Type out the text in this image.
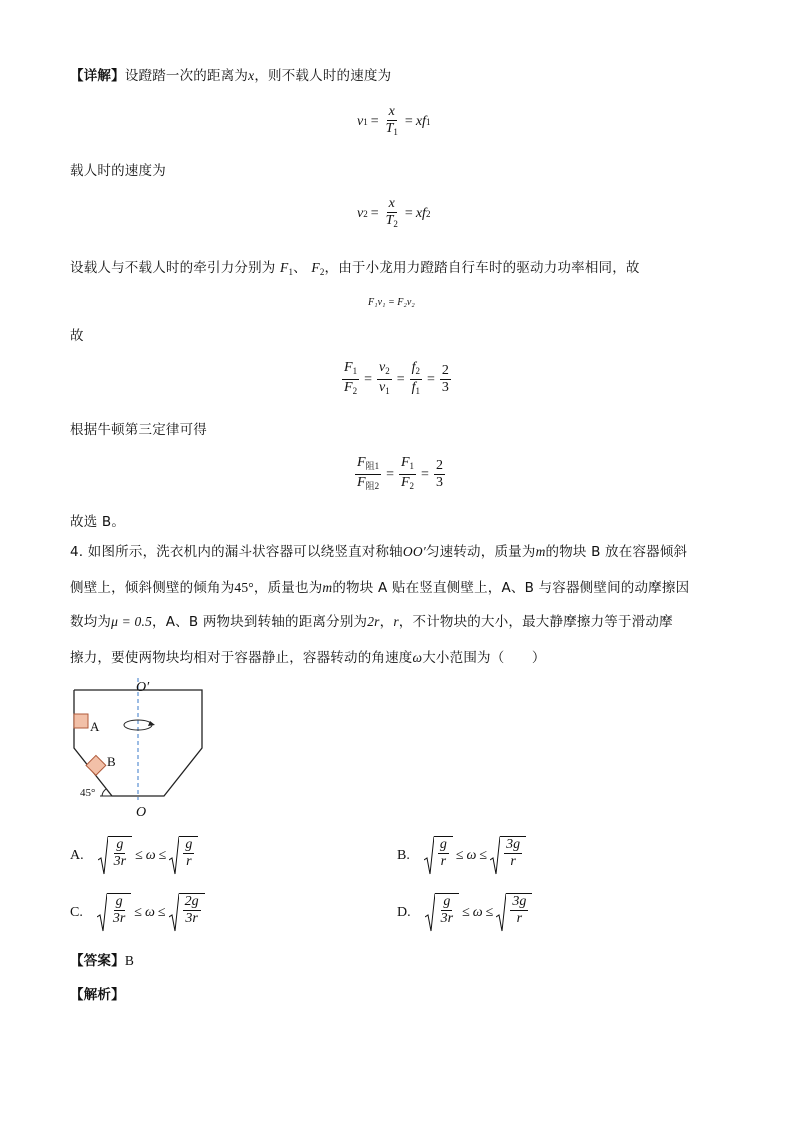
【详解】设蹬踏一次的距离为x，则不载人时的速度为
v $1 = \frac{x}{T_1}$ = xf 1
载人时的速度为
v $2 = \frac{x}{T_2}$ = xf 2
设载人与不载人时的牵引力分别为 $F_1$、 $F_2$，由于小龙用力蹬踏自行车时的驱动力功率相同，故
F₁v₁ = F₂v₂
故
$\frac{F_1}{F_2} = \frac{v_2}{v_1} = \frac{f_2}{f_1} = \frac{2}{3}$
根据牛顿第三定律可得
$\frac{F_{阻1}}{F_{阻2}} = \frac{F_1}{F_2} = \frac{2}{3}$
故选 B。
4. 如图所示，洗衣机内的漏斗状容器可以绕竖直对称轴OO′匀速转动，质量为m的物块 B 放在容器倾斜
侧壁上，倾斜侧壁的倾角为45°，质量也为m的物块 A 贴在竖直侧壁上，A、B 与容器侧壁间的动摩擦因
数均为μ = 0.5，A、B 两物块到转轴的距离分别为2r，r，不计物块的大小，最大静摩擦力等于滑动摩
擦力，要使两物块均相对于容器静止，容器转动的角速度ω大小范围为（　　）
A
B
45°
O′
O
A. $\frac{g}{3r} \le \omega \le \frac{g}{r}$	B. $\frac{g}{r} \le \omega \le \frac{3g}{r}$
C. $\frac{g}{3r} \le \omega \le \frac{2g}{3r}$	D. $\frac{g}{3r} \le \omega \le \frac{3g}{r}$
【答案】B
【解析】
